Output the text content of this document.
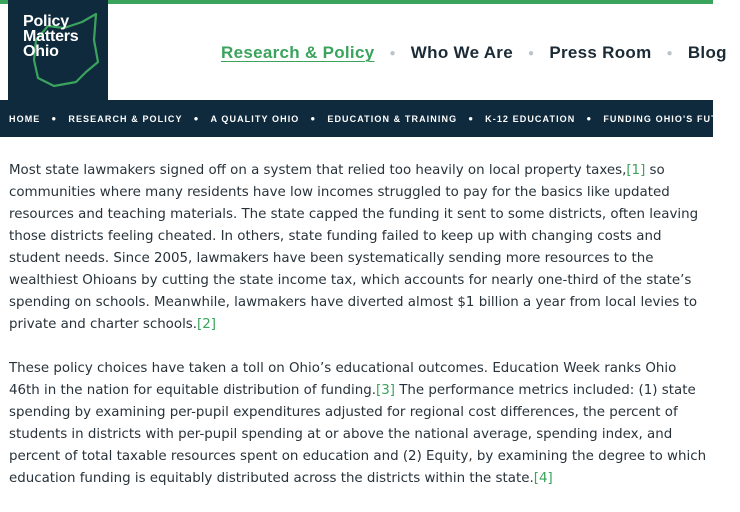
Policy
Matters
Ohio	Research & Policy ● Who We Are ● Press Room ● Blog
HOME ● RESEARCH & POLICY ● A QUALITY OHIO ● EDUCATION & TRAINING ● K-12 EDUCATION ● FUNDING OHIO'S FUTURE

Most state lawmakers signed off on a system that relied too heavily on local property taxes,[1] so communities where many residents have low incomes struggled to pay for the basics like updated resources and teaching materials. The state capped the funding it sent to some districts, often leaving those districts feeling cheated. In others, state funding failed to keep up with changing costs and student needs. Since 2005, lawmakers have been systematically sending more resources to the wealthiest Ohioans by cutting the state income tax, which accounts for nearly one-third of the state’s spending on schools. Meanwhile, lawmakers have diverted almost $1 billion a year from local levies to private and charter schools.[2]

These policy choices have taken a toll on Ohio’s educational outcomes. Education Week ranks Ohio 46th in the nation for equitable distribution of funding.[3] The performance metrics included: (1) state spending by examining per-pupil expenditures adjusted for regional cost differences, the percent of students in districts with per-pupil spending at or above the national average, spending index, and percent of total taxable resources spent on education and (2) Equity, by examining the degree to which education funding is equitably distributed across the districts within the state.[4]
